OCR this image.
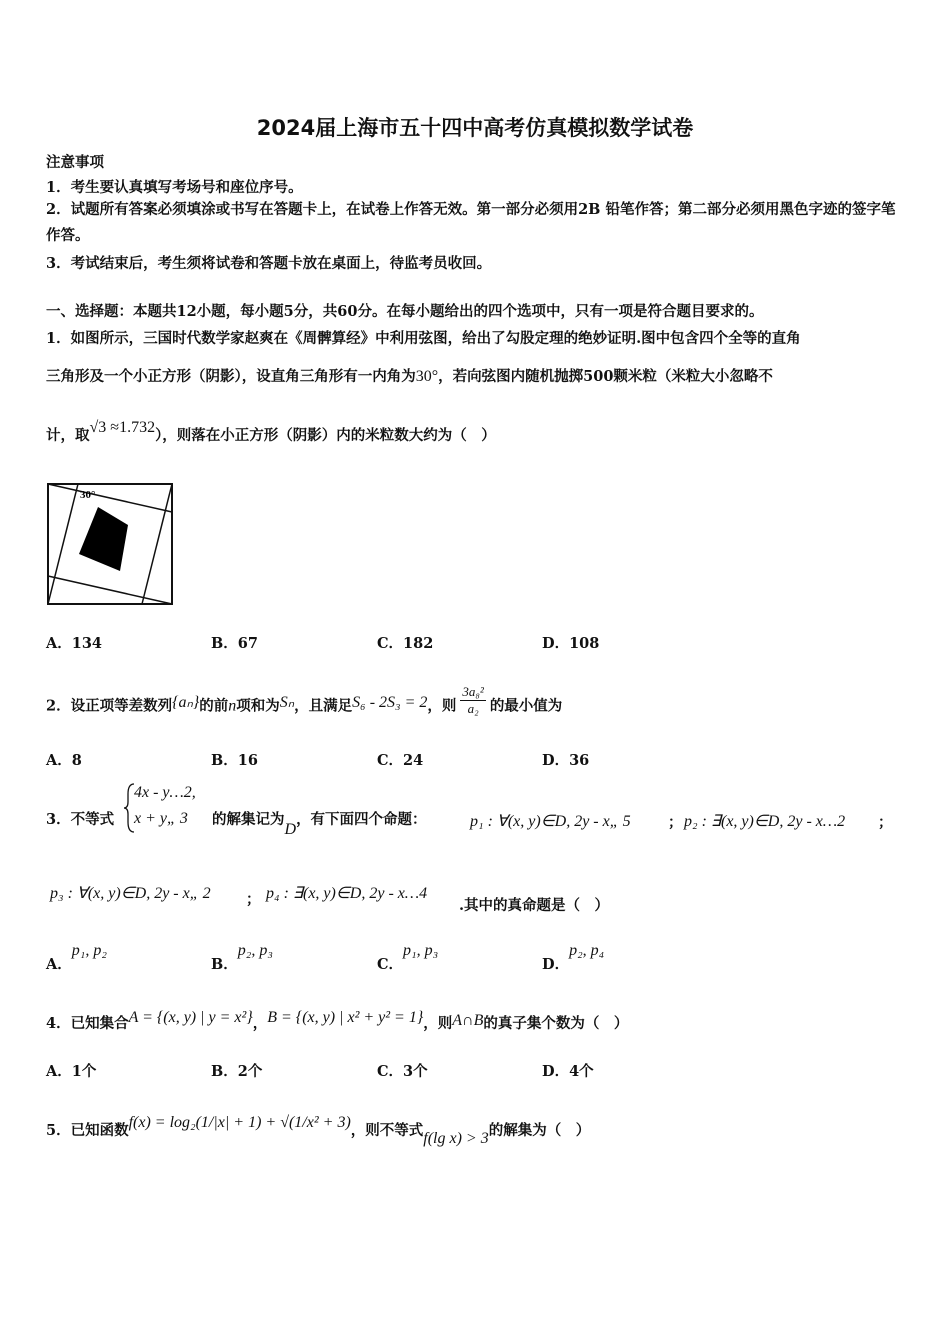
2024届上海市五十四中高考仿真模拟数学试卷
注意事项
1．考生要认真填写考场号和座位序号。
2．试题所有答案必须填涂或书写在答题卡上，在试卷上作答无效。第一部分必须用2B 铅笔作答；第二部分必须用黑色字迹的签字笔作答。
3．考试结束后，考生须将试卷和答题卡放在桌面上，待监考员收回。
一、选择题：本题共12小题，每小题5分，共60分。在每小题给出的四个选项中，只有一项是符合题目要求的。
1．如图所示，三国时代数学家赵爽在《周髀算经》中利用弦图，给出了勾股定理的绝妙证明.图中包含四个全等的直角
三角形及一个小正方形（阴影），设直角三角形有一内角为30°，若向弦图内随机抛掷500颗米粒（米粒大小忽略不
计，取√3 ≈1.732），则落在小正方形（阴影）内的米粒数大约为（　）
30°
A．134	B．67	C．182	D．108
2．设正项等差数列{aₙ}的前n项和为Sₙ，且满足S₆ - 2S₃ = 2，则 $\frac{\text{3a₈²}}{\text{a₂}}$ 的最小值为
A．8	B．16	C．24	D．36
3．不等式
4x - y…2,
x + y„ 3 的解集记为D，有下面四个命题：	p₁ : ∀(x, y)∈D, 2y - x„ 5	； p₂ : ∃(x, y)∈D, 2y - x…2 ；
p₃ : ∀(x, y)∈D, 2y - x„ 2 ； p₄ : ∃(x, y)∈D, 2y - x…4
.其中的真命题是（　）
A．p₁, p₂
B．p₂, p₃
C．p₁, p₃
D．p₂, p₄
4．已知集合A = {(x, y) | y = x²}，B = {(x, y) | x² + y² = 1}，则A∩B的真子集个数为（　）
A．1个	B．2个	C．3个	D．4个
5．已知函数f(x) = log₂(1/|x| + 1) + √(1/x² + 3)，则不等式f(lg x) > 3的解集为（　）
